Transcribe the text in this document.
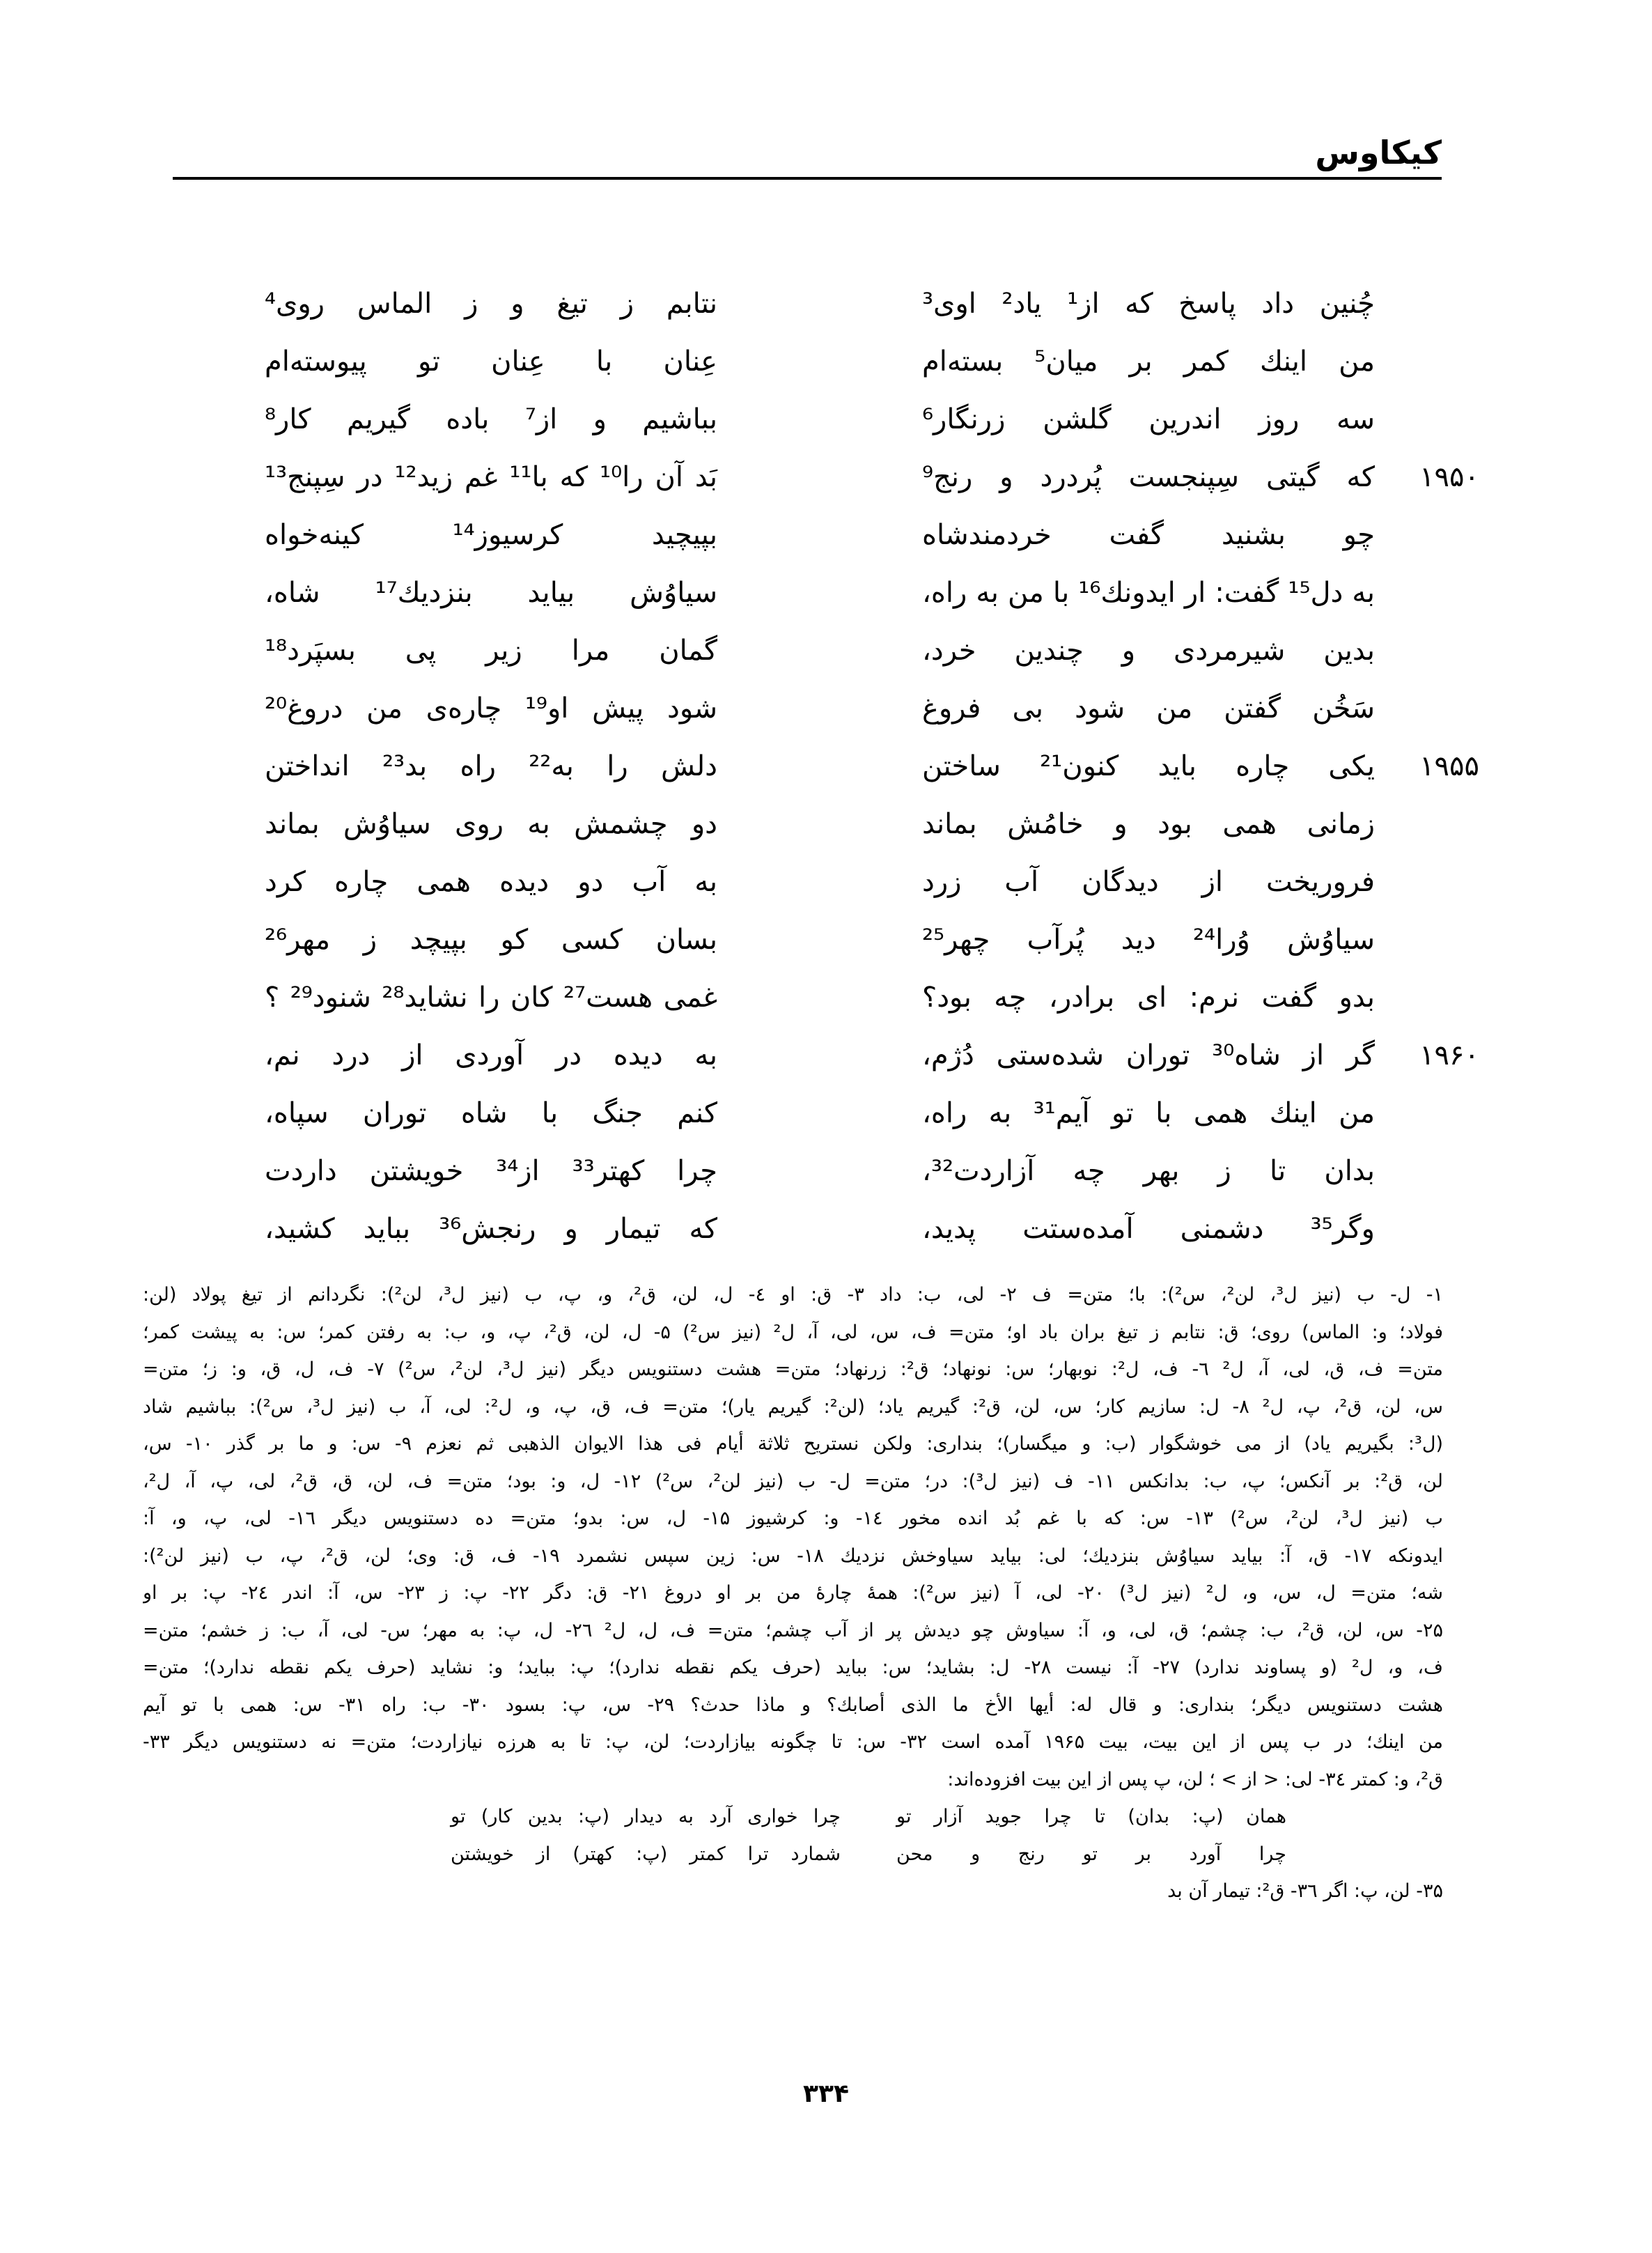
کیکاوس
چُنین داد پاسخ که از¹ یاد² اوی³
من اینك کمر بر میان⁵ بسته‌ام
سه روز اندرین گلشن زرنگار⁶
که گیتی سِپنجست پُردرد و رنج⁹ ۱۹۵۰
چو بشنید گفت خردمندشاه
به دل¹⁵ گفت: ار ایدونك¹⁶ با من به راه،
بدین شیرمردی و چندین خرد،
سَخُن گفتن من شود بی فروغ
یکی چاره باید کنون²¹ ساختن ۱۹۵۵
زمانی همی بود و خامُش بماند
فروریخت از دیدگان آب زرد
سیاوُش وُرا²⁴ دید پُرآب چهر²⁵
بدو گفت نرم: ای برادر، چه بود؟
گر از شاه³⁰ توران شده‌ستی دُژم، ۱۹۶۰
من اینك همی با تو آیم³¹ به راه،
بدان تا ز بهر چه آزاردت³²،
وگر³⁵ دشمنی آمده‌ستت پدید،
نتابم ز تیغ و ز الماس روی⁴
عِنان با عِنان تو پیوسته‌ام
بباشیم و از⁷ باده گیریم کار⁸
بَد آن را¹⁰ که با¹¹ غم زید¹² در سِپنج¹³
بپیچید کرسیوز¹⁴ کینه‌خواه
سیاوُش بیاید بنزدیك¹⁷ شاه،
گمان مرا زیر پی بسپَرد¹⁸
شود پیش او¹⁹ چاره‌ی من دروغ²⁰
دلش را به²² راه بد²³ انداختن
دو چشمش به روی سیاوُش بماند
به آب دو دیده همی چاره کرد
بسان کسی کو بپیچد ز مهر²⁶
غمی هست²⁷ کان را نشاید²⁸ شنود²⁹ ؟
به دیده در آوردی از درد نم،
کنم جنگ با شاه توران سپاه،
چرا کهتر³³ از³⁴ خویشتن داردت
که تیمار و رنجش³⁶ بباید کشید،
۱- ل- ب (نیز ل³، لن²، س²): با؛ متن= ف ۲- لی، ب: داد ۳- ق: او ٤- ل، لن، ق²، و، پ، ب (نیز ل³، لن²): نگردانم از تیغ پولاد (لن:
فولاد؛ و: الماس) روی؛ ق: نتابم ز تیغ بران باد او؛ متن= ف، س، لی، آ، ل² (نیز س²) ۵- ل، لن، ق²، پ، و، ب: به رفتن کمر؛ س: به پیشت کمر؛
متن= ف، ق، لی، آ، ل² ٦- ف، ل²: نوبهار؛ س: نونهاد؛ ق²: زرنهاد؛ متن= هشت دستنویس دیگر (نیز ل³، لن²، س²) ۷- ف، ل، ق، و: ز؛ متن=
س، لن، ق²، پ، ل² ۸- ل: سازیم کار؛ س، لن، ق²: گیریم یاد؛ (لن²: گیریم یار)؛ متن= ف، ق، پ، و، ل²: لی، آ، ب (نیز ل³، س²): بباشیم شاد
(ل³: بگیریم یاد) از می خوشگوار (ب: و میگسار)؛ بنداری: ولکن نستریح ثلاثة أیام فی هذا الایوان الذهبی ثم نعزم ۹- س: و ما بر گذر ۱۰- س،
لن، ق²: بر آنکس؛ پ، ب: بدانکس ۱۱- ف (نیز ل³): در؛ متن= ل- ب (نیز لن²، س²) ۱۲- ل، و: بود؛ متن= ف، لن، ق، ق²، لی، پ، آ، ل²،
ب (نیز ل³، لن²، س²) ۱۳- س: که با غم بُد انده مخور ١٤- و: کرشیوز ۱۵- ل، س: بدو؛ متن= ده دستنویس دیگر ١٦- لی، پ، و، آ:
ایدونکه ۱۷- ق، آ: بیاید سیاوُش بنزدیك؛ لی: بیاید سیاوخش نزدیك ۱۸- س: زین سپس نشمرد ۱۹- ف، ق: وی؛ لن، ق²، پ، ب (نیز لن²):
شه؛ متن= ل، س، و، ل² (نیز ل³) ۲۰- لی، آ (نیز س²): همهٔ چارهٔ من بر او دروغ ۲۱- ق: دگر ۲۲- پ: ز ۲۳- س، آ: اندر ۲٤- پ: بر او
۲۵- س، لن، ق²، ب: چشم؛ ق، لی، و، آ: سیاوش چو دیدش پر از آب چشم؛ متن= ف، ل، ل² ۲٦- ل، پ: به مهر؛ س- لی، آ، ب: ز خشم؛ متن=
ف، و، ل² (و پساوند ندارد) ۲۷- آ: نیست ۲۸- ل: بشاید؛ س: بباید (حرف یکم نقطه ندارد)؛ پ: بباید؛ و: نشاید (حرف یکم نقطه ندارد)؛ متن=
هشت دستنویس دیگر؛ بنداری: و قال له: أیها الأخ ما الذی أصابك؟ و ماذا حدث؟ ۲۹- س، پ: بسود ۳۰- ب: راه ۳۱- س: همی با تو آیم
من اینك؛ در ب پس از این بیت، بیت ۱۹۶۵ آمده است ۳۲- س: تا چگونه بیازاردت؛ لن، پ: تا به هرزه نیازاردت؛ متن= نه دستنویس دیگر ۳۳-
ق²، و: کمتر ۳٤- لی: < از > ؛ لن، پ پس از این بیت افزوده‌اند:
همان (پ: بدان) تا چرا جوید آزار تو
چرا خواری آرد به دیدار (پ: بدین کار) تو
چرا آورد بر تو رنج و محن
شمارد ترا کمتر (پ: کهتر) از خویشتن
۳۵- لن، پ: اگر ۳٦- ق²: تیمار آن بد
۳۳۴
